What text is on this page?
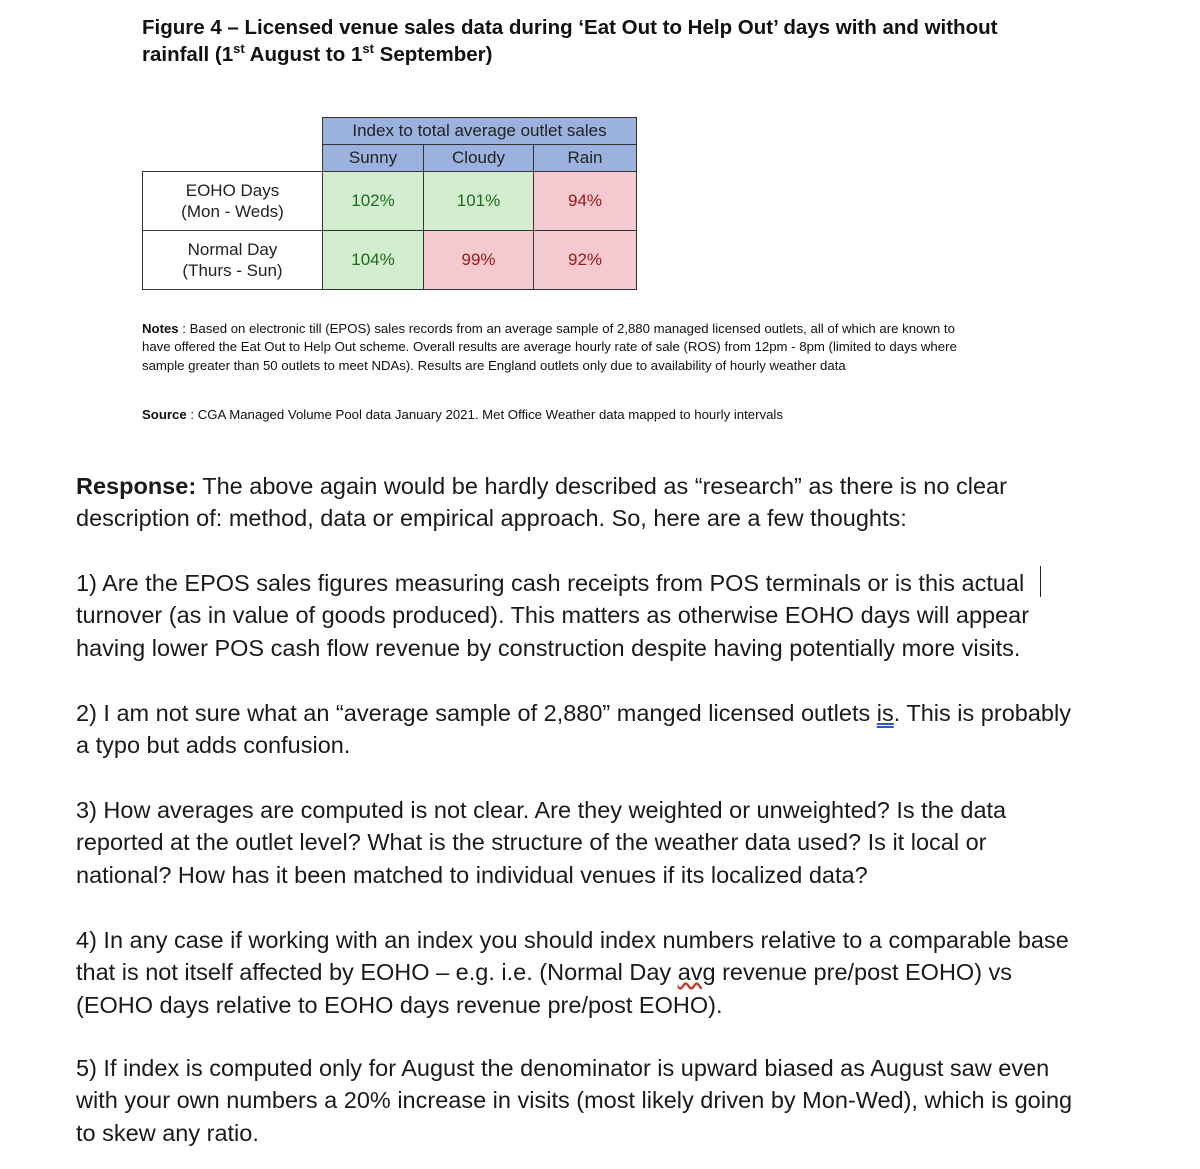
Figure 4 – Licensed venue sales data during ‘Eat Out to Help Out’ days with and without rainfall (1st August to 1st September)
	Index to total average outlet sales		
	Sunny	Cloudy	Rain
EOHO Days
(Mon - Weds)	102%	101%	94%
Normal Day
(Thurs - Sun)	104%	99%	92%
Notes : Based on electronic till (EPOS) sales records from an average sample of 2,880 managed licensed outlets, all of which are known to have offered the Eat Out to Help Out scheme. Overall results are average hourly rate of sale (ROS) from 12pm - 8pm (limited to days where sample greater than 50 outlets to meet NDAs). Results are England outlets only due to availability of hourly weather data
Source : CGA Managed Volume Pool data January 2021. Met Office Weather data mapped to hourly intervals
Response: The above again would be hardly described as “research” as there is no clear description of: method, data or empirical approach. So, here are a few thoughts:
1) Are the EPOS sales figures measuring cash receipts from POS terminals or is this actual turnover (as in value of goods produced). This matters as otherwise EOHO days will appear having lower POS cash flow revenue by construction despite having potentially more visits.
2) I am not sure what an “average sample of 2,880” manged licensed outlets is. This is probably a typo but adds confusion.
3) How averages are computed is not clear. Are they weighted or unweighted? Is the data reported at the outlet level? What is the structure of the weather data used? Is it local or national? How has it been matched to individual venues if its localized data?
4) In any case if working with an index you should index numbers relative to a comparable base that is not itself affected by EOHO – e.g. i.e. (Normal Day avg revenue pre/post EOHO) vs (EOHO days relative to EOHO days revenue pre/post EOHO).
5) If index is computed only for August the denominator is upward biased as August saw even with your own numbers a 20% increase in visits (most likely driven by Mon-Wed), which is going to skew any ratio.
